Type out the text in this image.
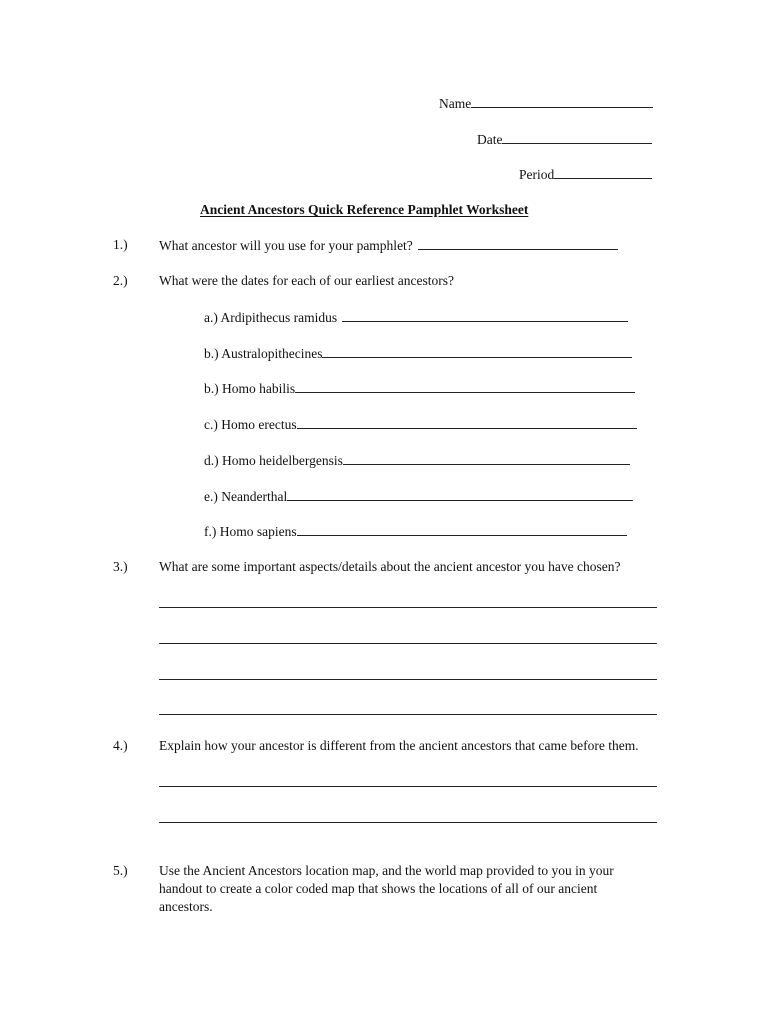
Name
Date
Period
Ancient Ancestors Quick Reference Pamphlet Worksheet
1.) What ancestor will you use for your pamphlet?
2.) What were the dates for each of our earliest ancestors?
a.) Ardipithecus ramidus
b.) Australopithecines
b.) Homo habilis
c.) Homo erectus
d.) Homo heidelbergensis
e.) Neanderthal
f.) Homo sapiens
3.) What are some important aspects/details about the ancient ancestor you have chosen?
4.) Explain how your ancestor is different from the ancient ancestors that came before them.
5.) Use the Ancient Ancestors location map, and the world map provided to you in your handout to create a color coded map that shows the locations of all of our ancient ancestors.
